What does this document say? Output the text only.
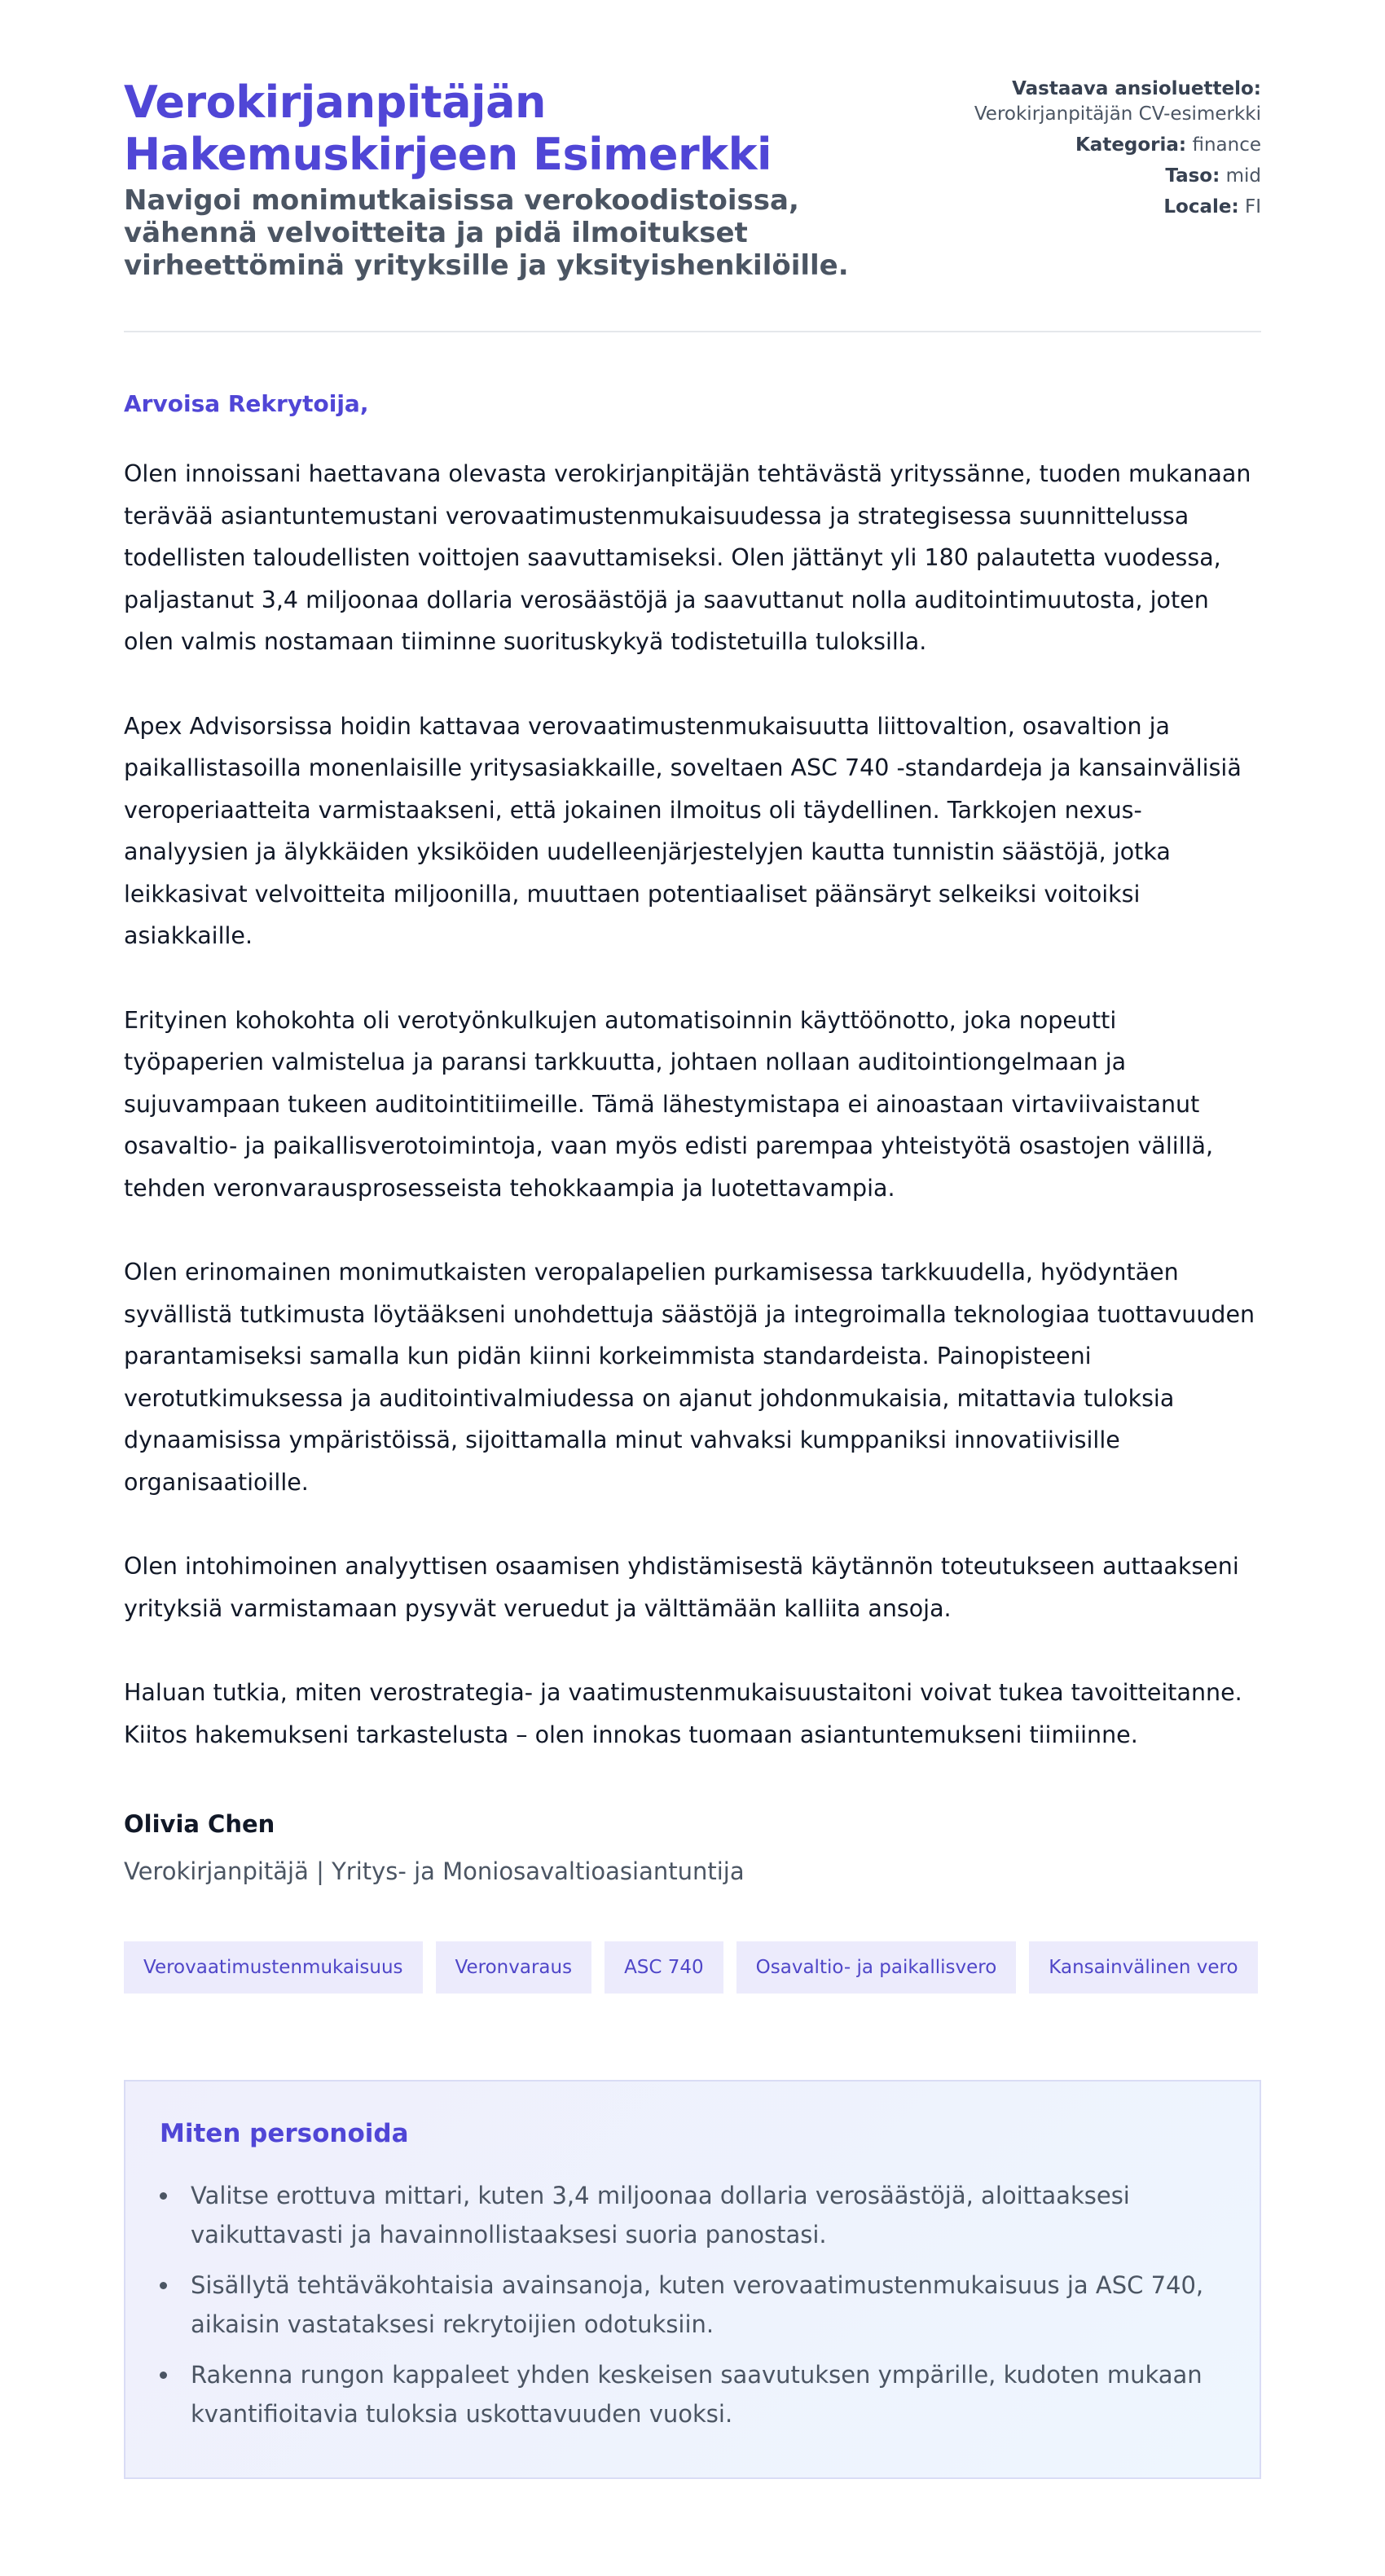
Verokirjanpitäjän Hakemuskirjeen Esimerkki
Navigoi monimutkaisissa verokoodistoissa, vähennä velvoitteita ja pidä ilmoitukset virheettöminä yrityksille ja yksityishenkilöille.
Vastaava ansioluettelo:
Verokirjanpitäjän CV-esimerkki
Kategoria: finance
Taso: mid
Locale: FI
Arvoisa Rekrytoija,

Olen innoissani haettavana olevasta verokirjanpitäjän tehtävästä yrityssänne, tuoden mukanaan terävää asiantuntemustani verovaatimustenmukaisuudessa ja strategisessa suunnittelussa todellisten taloudellisten voittojen saavuttamiseksi. Olen jättänyt yli 180 palautetta vuodessa, paljastanut 3,4 miljoonaa dollaria verosäästöjä ja saavuttanut nolla auditointimuutosta, joten olen valmis nostamaan tiiminne suorituskykyä todistetuilla tuloksilla.

Apex Advisorsissa hoidin kattavaa verovaatimustenmukaisuutta liittovaltion, osavaltion ja paikallistasoilla monenlaisille yritysasiakkaille, soveltaen ASC 740 -standardeja ja kansainvälisiä veroperiaatteita varmistaakseni, että jokainen ilmoitus oli täydellinen. Tarkkojen nexus-analyysien ja älykkäiden yksiköiden uudelleenjärjestelyjen kautta tunnistin säästöjä, jotka leikkasivat velvoitteita miljoonilla, muuttaen potentiaaliset päänsäryt selkeiksi voitoiksi asiakkaille.

Erityinen kohokohta oli verotyönkulkujen automatisoinnin käyttöönotto, joka nopeutti työpaperien valmistelua ja paransi tarkkuutta, johtaen nollaan auditointiongelmaan ja sujuvampaan tukeen auditointitiimeille. Tämä lähestymistapa ei ainoastaan virtaviivaistanut osavaltio- ja paikallisverotoimintoja, vaan myös edisti parempaa yhteistyötä osastojen välillä, tehden veronvarausprosesseista tehokkaampia ja luotettavampia.

Olen erinomainen monimutkaisten veropalapelien purkamisessa tarkkuudella, hyödyntäen syvällistä tutkimusta löytääkseni unohdettuja säästöjä ja integroimalla teknologiaa tuottavuuden parantamiseksi samalla kun pidän kiinni korkeimmista standardeista. Painopisteeni verotutkimuksessa ja auditointivalmiudessa on ajanut johdonmukaisia, mitattavia tuloksia dynaamisissa ympäristöissä, sijoittamalla minut vahvaksi kumppaniksi innovatiivisille organisaatioille.

Olen intohimoinen analyyttisen osaamisen yhdistämisestä käytännön toteutukseen auttaakseni yrityksiä varmistamaan pysyvät veruedut ja välttämään kalliita ansoja.

Haluan tutkia, miten verostrategia- ja vaatimustenmukaisuustaitoni voivat tukea tavoitteitanne. Kiitos hakemukseni tarkastelusta – olen innokas tuomaan asiantuntemukseni tiimiinne.

Olivia Chen
Verokirjanpitäjä | Yritys- ja Moniosavaltioasiantuntija
Verovaatimustenmukaisuus	Veronvaraus	ASC 740	Osavaltio- ja paikallisvero	Kansainvälinen vero
Miten personoida
Valitse erottuva mittari, kuten 3,4 miljoonaa dollaria verosäästöjä, aloittaaksesi vaikuttavasti ja havainnollistaaksesi suoria panostasi.
Sisällytä tehtäväkohtaisia avainsanoja, kuten verovaatimustenmukaisuus ja ASC 740, aikaisin vastataksesi rekrytoijien odotuksiin.
Rakenna rungon kappaleet yhden keskeisen saavutuksen ympärille, kudoten mukaan kvantifioitavia tuloksia uskottavuuden vuoksi.
